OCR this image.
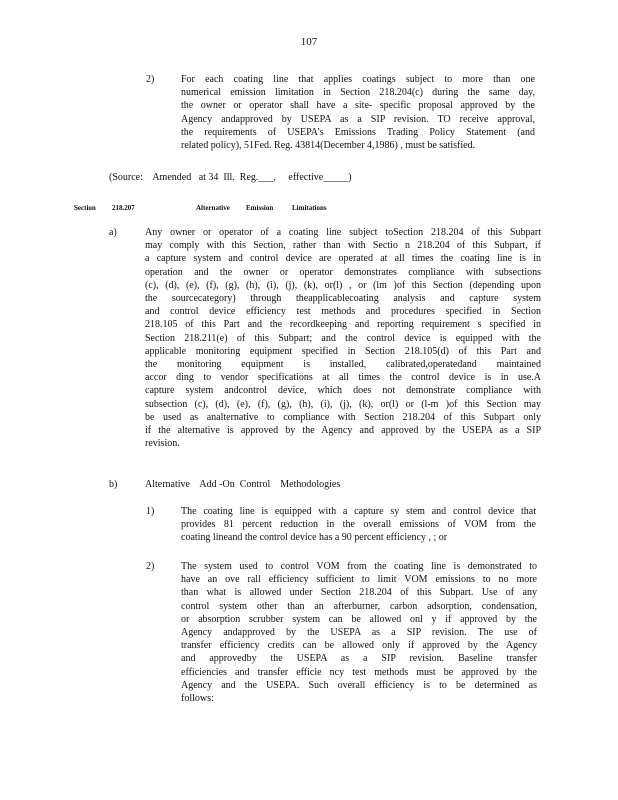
107
2)	For each coating line that applies coatings subject to more than one
numerical emission limitation in Section 218.204(c) during the same day,
the owner or operator shall have a site- specific proposal approved by the
Agency andapproved by USEPA as a SIP revision. TO receive approval,
the requirements of USEPA’s Emissions Trading Policy Statement (and
related policy), 51Fed. Reg. 43814(December 4,1986) , must be satisfied.
(Source:    Amended   at 34  Ill.  Reg.___,     effective_____)
Section 218.207	Alternative Emission	Limitations
a)	Any owner or operator of a coating line subject toSection 218.204 of this Subpart
may comply with this Section, rather than with Sectio n 218.204 of this Subpart, if
a capture system and control device are operated at all times the coating line is in
operation and the owner or operator demonstrates compliance with subsections
(c), (d), (e), (f), (g), (h), (i), (j), (k), or(l) , or (lm )of this Section (depending upon
the sourcecategory) through theapplicablecoating analysis and capture system
and control device efficiency test methods and procedures specified in Section
218.105 of this Part and the recordkeeping and reporting requirement s specified in
Section 218.211(e) of this Subpart; and the control device is equipped with the
applicable monitoring equipment specified in Section 218.105(d) of this Part and
the monitoring equipment is installed, calibrated,operatedand maintained
accor ding to vendor specifications at all times the control device is in use.A
capture system andcontrol device, which does not demonstrate compliance with
subsection (c), (d), (e), (f), (g), (h), (i), (j), (k), or(l) or (l-m )of this Section may
be used as analternative to compliance with Section 218.204 of this Subpart only
if the alternative is approved by the Agency and approved by the USEPA as a SIP
revision.
b)	Alternative    Add -On  Control    Methodologies
1)	The coating line is equipped with a capture sy stem and control device that
provides 81 percent reduction in the overall emissions of VOM from the
coating lineand the control device has a 90 percent efficiency , ; or
2)	The system used to control VOM from the coating line is demonstrated to
have an ove rall efficiency sufficient to limit VOM emissions to no more
than what is allowed under Section 218.204 of this Subpart. Use of any
control system other than an afterburner, carbon adsorption, condensation,
or absorption scrubber system can be allowed onl y if approved by the
Agency andapproved by the USEPA as a SIP revision. The use of
transfer efficiency credits can be allowed only if approved by the Agency
and approvedby the USEPA as a SIP revision. Baseline transfer
efficiencies and transfer efficie ncy test methods must be approved by the
Agency and the USEPA. Such overall efficiency is to be determined as
follows:
